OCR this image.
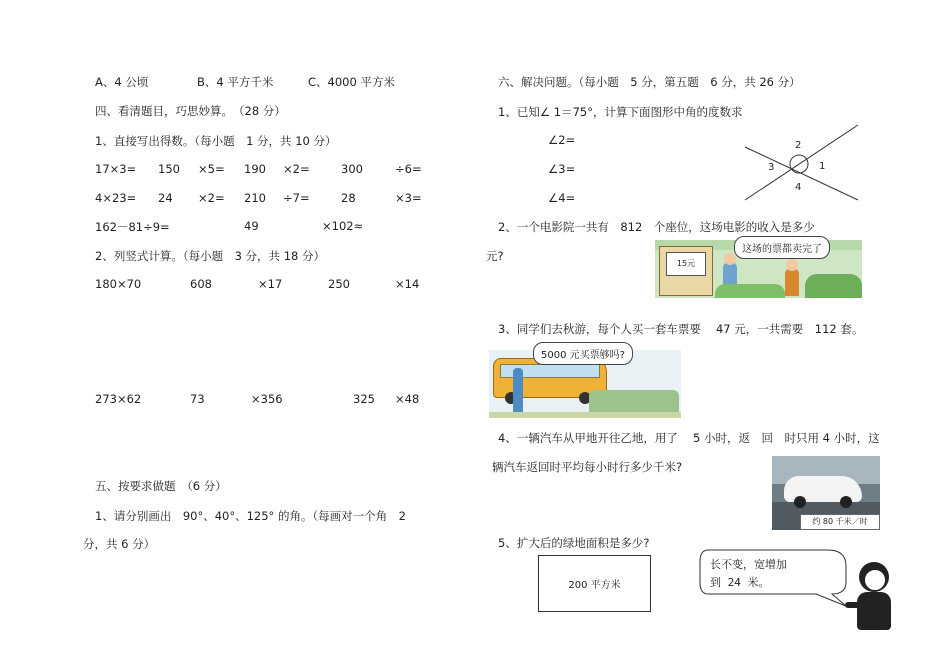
A、4 公顷	B、4 平方千米	C、4000 平方米
四、看清题目，巧思妙算。　（28 分）
1、直接写出得数。（每小题　1 分，共 10 分）
17×3= 150 ×5= 190 ×2=	300	÷6=
4×23= 24 ×2= 210 ÷7=	28	×3=
162－81÷9=	49	×102≈
2、列竖式计算。（每小题　3 分，共 18 分）
180×70	608	×17	250	×14
273×62	73	×356	325 ×48
五、按要求做题　（6 分）
1、请分别画出　90°、40°、125° 的角。（每画对一个角　2
分，共 6 分）
六、解决问题。（每小题　5 分，第五题　6 分，共 26 分）
1、已知∠ 1＝75°，计算下面图形中角的度数求
∠2=
∠3=
∠4=
2
1
3
4
2、一个电影院一共有　812　个座位，这场电影的收入是多少
元?
15元
这场的票都卖完了
3、同学们去秋游，每个人买一套车票要　 47 元，一共需要　112 套。
5000 元买票够吗?
4、一辆汽车从甲地开往乙地，用了　 5 小时，返　回　时只用 4 小时，这
辆汽车返回时平均每小时行多少千米?
约 80 千米／时
5、扩大后的绿地面积是多少?
200 平方米
长不变，宽增加
到 24 米。
